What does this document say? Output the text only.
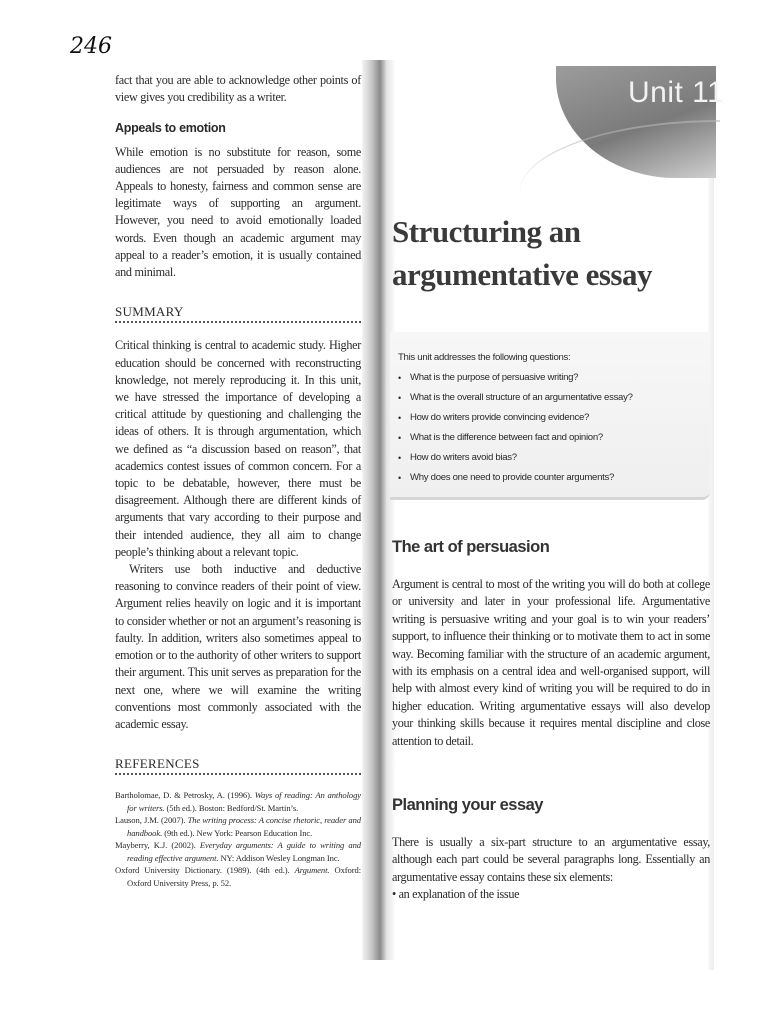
246

fact that you are able to acknowledge other points of view gives you credibility as a writer.

Appeals to emotion

While emotion is no substitute for reason, some audiences are not persuaded by reason alone. Appeals to honesty, fairness and common sense are legitimate ways of supporting an argument. However, you need to avoid emotionally loaded words. Even though an academic argument may appeal to a reader’s emotion, it is usually contained and minimal.

SUMMARY

Critical thinking is central to academic study. Higher education should be concerned with reconstructing knowledge, not merely reproducing it. In this unit, we have stressed the importance of developing a critical attitude by questioning and challenging the ideas of others. It is through argumentation, which we defined as “a discussion based on reason”, that academics contest issues of common concern. For a topic to be debatable, however, there must be disagreement. Although there are different kinds of arguments that vary according to their purpose and their intended audience, they all aim to change people’s thinking about a relevant topic.

Writers use both inductive and deductive reasoning to convince readers of their point of view. Argument relies heavily on logic and it is important to consider whether or not an argument’s reasoning is faulty. In addition, writers also sometimes appeal to emotion or to the authority of other writers to support their argument. This unit serves as preparation for the next one, where we will examine the writing conventions most commonly associated with the academic essay.

REFERENCES

Bartholomae, D. & Petrosky, A. (1996). Ways of reading: An anthology for writers. (5th ed.). Boston: Bedford/St. Martin’s.

Lauson, J.M. (2007). The writing process: A concise rhetoric, reader and handbook. (9th ed.). New York: Pearson Education Inc.

Mayberry, K.J. (2002). Everyday arguments: A guide to writing and reading effective argument. NY: Addison Wesley Longman Inc.

Oxford University Dictionary. (1989). (4th ed.). Argument. Oxford: Oxford University Press, p. 52.

Unit 11
Structuring an
argumentative essay
This unit addresses the following questions:
• What is the purpose of persuasive writing?
• What is the overall structure of an argumentative essay?
• How do writers provide convincing evidence?
• What is the difference between fact and opinion?
• How do writers avoid bias?
• Why does one need to provide counter arguments?
The art of persuasion

Argument is central to most of the writing you will do both at college or university and later in your professional life. Argumentative writing is persuasive writing and your goal is to win your readers’ support, to influence their thinking or to motivate them to act in some way. Becoming familiar with the structure of an academic argument, with its emphasis on a central idea and well-organised support, will help with almost every kind of writing you will be required to do in higher education. Writing argumentative essays will also develop your thinking skills because it requires mental discipline and close attention to detail.

Planning your essay

There is usually a six-part structure to an argumentative essay, although each part could be several paragraphs long. Essentially an argumentative essay contains these six elements:

• an explanation of the issue
